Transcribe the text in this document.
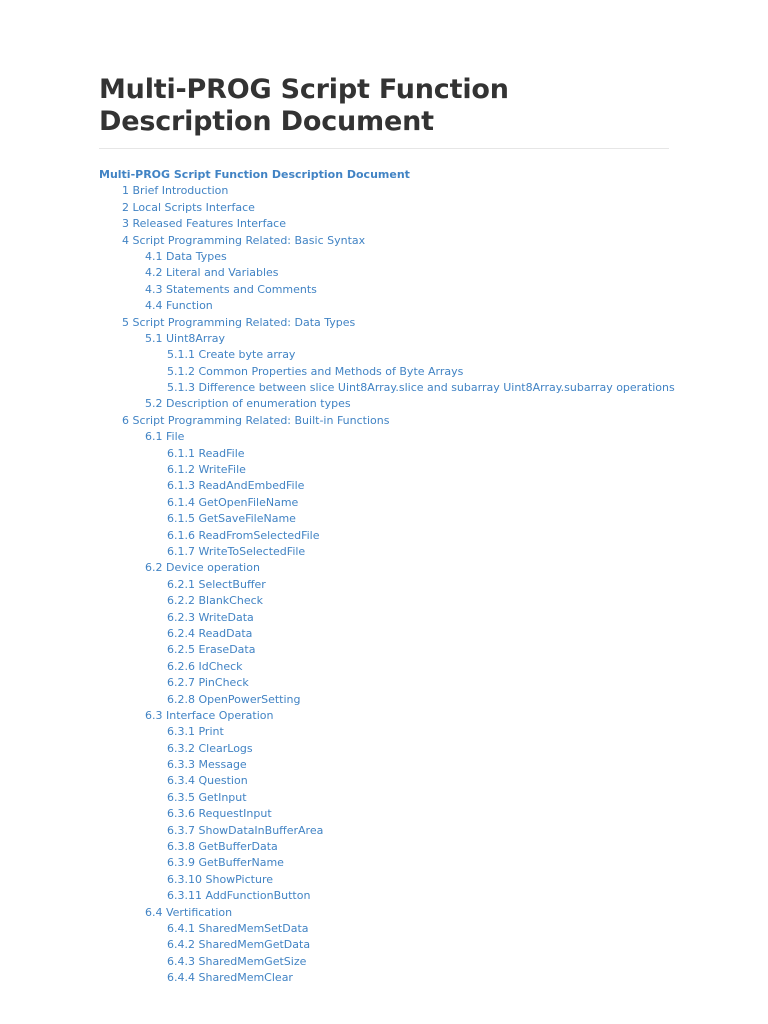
Multi-PROG Script Function Description Document
Multi-PROG Script Function Description Document
1 Brief Introduction
2 Local Scripts Interface
3 Released Features Interface
4 Script Programming Related: Basic Syntax
4.1 Data Types
4.2 Literal and Variables
4.3 Statements and Comments
4.4 Function
5 Script Programming Related: Data Types
5.1 Uint8Array
5.1.1 Create byte array
5.1.2 Common Properties and Methods of Byte Arrays
5.1.3 Difference between slice Uint8Array.slice and subarray Uint8Array.subarray operations
5.2 Description of enumeration types
6 Script Programming Related: Built-in Functions
6.1 File
6.1.1 ReadFile
6.1.2 WriteFile
6.1.3 ReadAndEmbedFile
6.1.4 GetOpenFileName
6.1.5 GetSaveFileName
6.1.6 ReadFromSelectedFile
6.1.7 WriteToSelectedFile
6.2 Device operation
6.2.1 SelectBuffer
6.2.2 BlankCheck
6.2.3 WriteData
6.2.4 ReadData
6.2.5 EraseData
6.2.6 IdCheck
6.2.7 PinCheck
6.2.8 OpenPowerSetting
6.3 Interface Operation
6.3.1 Print
6.3.2 ClearLogs
6.3.3 Message
6.3.4 Question
6.3.5 GetInput
6.3.6 RequestInput
6.3.7 ShowDataInBufferArea
6.3.8 GetBufferData
6.3.9 GetBufferName
6.3.10 ShowPicture
6.3.11 AddFunctionButton
6.4 Vertification
6.4.1 SharedMemSetData
6.4.2 SharedMemGetData
6.4.3 SharedMemGetSize
6.4.4 SharedMemClear
